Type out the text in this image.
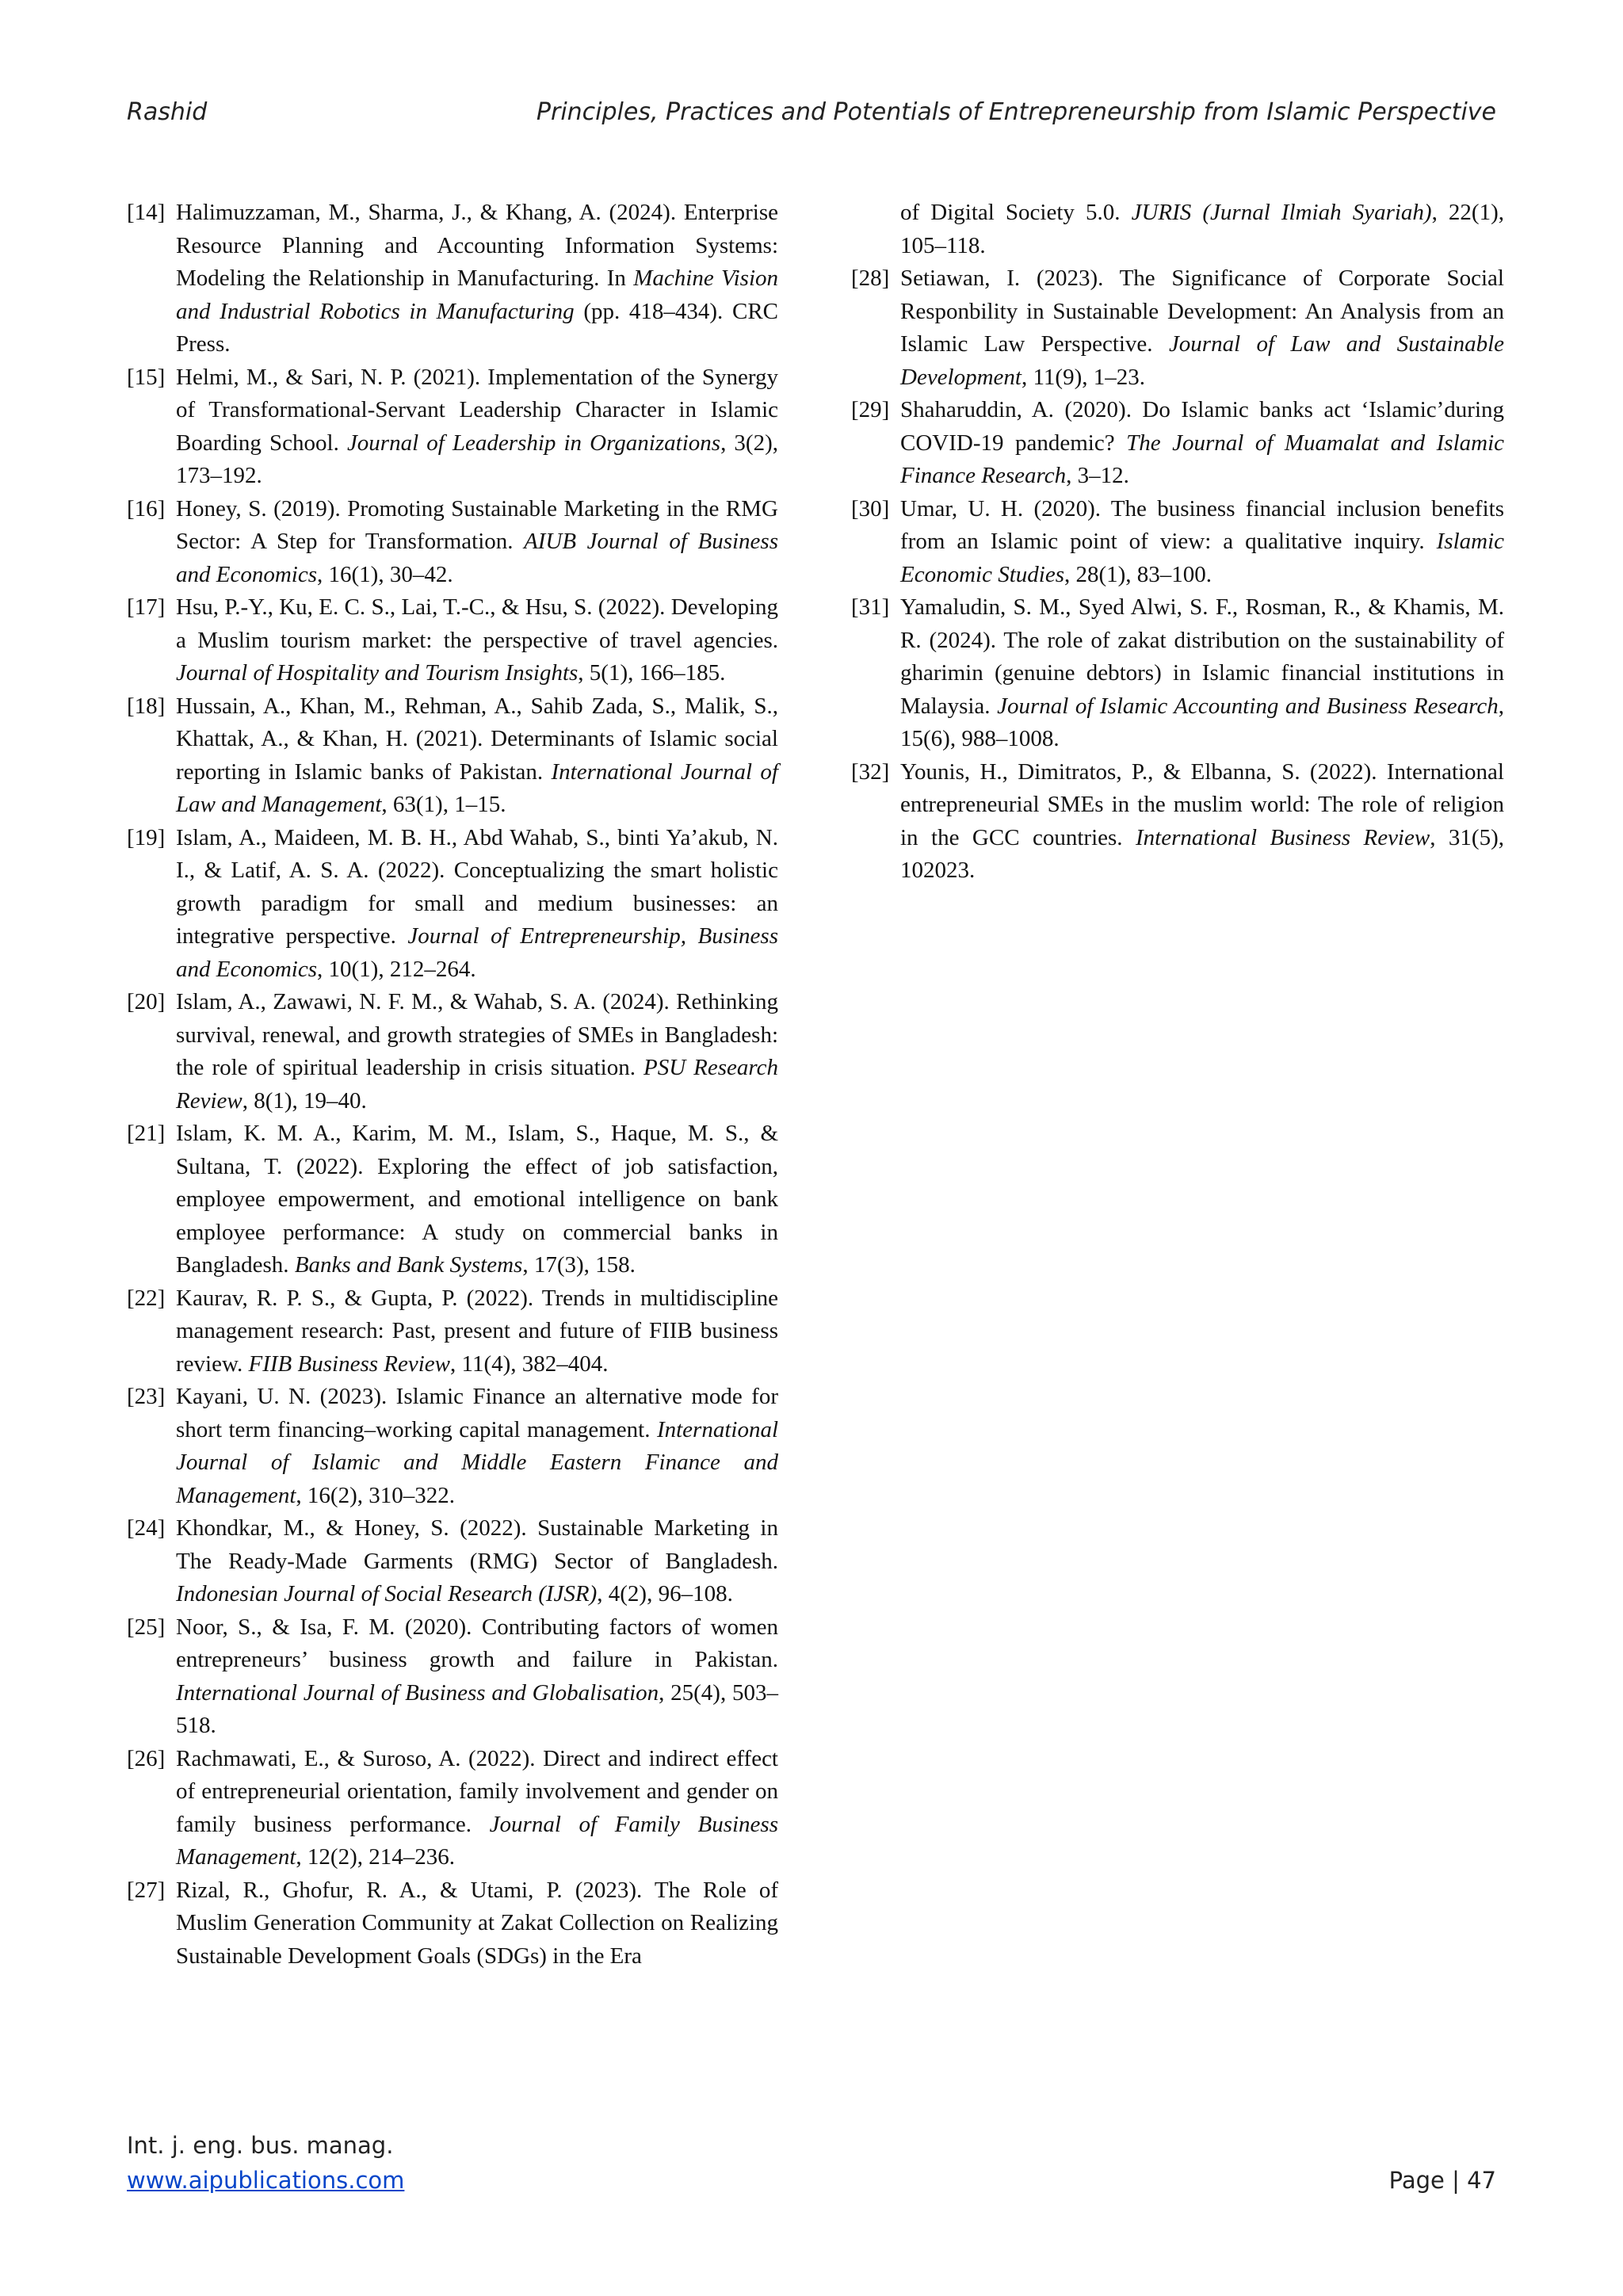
Rashid	Principles, Practices and Potentials of Entrepreneurship from Islamic Perspective
[14] Halimuzzaman, M., Sharma, J., & Khang, A. (2024). Enterprise Resource Planning and Accounting Information Systems: Modeling the Relationship in Manufacturing. In Machine Vision and Industrial Robotics in Manufacturing (pp. 418–434). CRC Press.
[15] Helmi, M., & Sari, N. P. (2021). Implementation of the Synergy of Transformational-Servant Leadership Character in Islamic Boarding School. Journal of Leadership in Organizations, 3(2), 173–192.
[16] Honey, S. (2019). Promoting Sustainable Marketing in the RMG Sector: A Step for Transformation. AIUB Journal of Business and Economics, 16(1), 30–42.
[17] Hsu, P.-Y., Ku, E. C. S., Lai, T.-C., & Hsu, S. (2022). Developing a Muslim tourism market: the perspective of travel agencies. Journal of Hospitality and Tourism Insights, 5(1), 166–185.
[18] Hussain, A., Khan, M., Rehman, A., Sahib Zada, S., Malik, S., Khattak, A., & Khan, H. (2021). Determinants of Islamic social reporting in Islamic banks of Pakistan. International Journal of Law and Management, 63(1), 1–15.
[19] Islam, A., Maideen, M. B. H., Abd Wahab, S., binti Ya’akub, N. I., & Latif, A. S. A. (2022). Conceptualizing the smart holistic growth paradigm for small and medium businesses: an integrative perspective. Journal of Entrepreneurship, Business and Economics, 10(1), 212–264.
[20] Islam, A., Zawawi, N. F. M., & Wahab, S. A. (2024). Rethinking survival, renewal, and growth strategies of SMEs in Bangladesh: the role of spiritual leadership in crisis situation. PSU Research Review, 8(1), 19–40.
[21] Islam, K. M. A., Karim, M. M., Islam, S., Haque, M. S., & Sultana, T. (2022). Exploring the effect of job satisfaction, employee empowerment, and emotional intelligence on bank employee performance: A study on commercial banks in Bangladesh. Banks and Bank Systems, 17(3), 158.
[22] Kaurav, R. P. S., & Gupta, P. (2022). Trends in multidiscipline management research: Past, present and future of FIIB business review. FIIB Business Review, 11(4), 382–404.
[23] Kayani, U. N. (2023). Islamic Finance an alternative mode for short term financing–working capital management. International Journal of Islamic and Middle Eastern Finance and Management, 16(2), 310–322.
[24] Khondkar, M., & Honey, S. (2022). Sustainable Marketing in The Ready-Made Garments (RMG) Sector of Bangladesh. Indonesian Journal of Social Research (IJSR), 4(2), 96–108.
[25] Noor, S., & Isa, F. M. (2020). Contributing factors of women entrepreneurs’ business growth and failure in Pakistan. International Journal of Business and Globalisation, 25(4), 503–518.
[26] Rachmawati, E., & Suroso, A. (2022). Direct and indirect effect of entrepreneurial orientation, family involvement and gender on family business performance. Journal of Family Business Management, 12(2), 214–236.
[27] Rizal, R., Ghofur, R. A., & Utami, P. (2023). The Role of Muslim Generation Community at Zakat Collection on Realizing Sustainable Development Goals (SDGs) in the Era
of Digital Society 5.0. JURIS (Jurnal Ilmiah Syariah), 22(1), 105–118.
[28] Setiawan, I. (2023). The Significance of Corporate Social Responbility in Sustainable Development: An Analysis from an Islamic Law Perspective. Journal of Law and Sustainable Development, 11(9), 1–23.
[29] Shaharuddin, A. (2020). Do Islamic banks act ‘Islamic’during COVID-19 pandemic? The Journal of Muamalat and Islamic Finance Research, 3–12.
[30] Umar, U. H. (2020). The business financial inclusion benefits from an Islamic point of view: a qualitative inquiry. Islamic Economic Studies, 28(1), 83–100.
[31] Yamaludin, S. M., Syed Alwi, S. F., Rosman, R., & Khamis, M. R. (2024). The role of zakat distribution on the sustainability of gharimin (genuine debtors) in Islamic financial institutions in Malaysia. Journal of Islamic Accounting and Business Research, 15(6), 988–1008.
[32] Younis, H., Dimitratos, P., & Elbanna, S. (2022). International entrepreneurial SMEs in the muslim world: The role of religion in the GCC countries. International Business Review, 31(5), 102023.
Int. j. eng. bus. manag.
www.aipublications.com	Page | 47
